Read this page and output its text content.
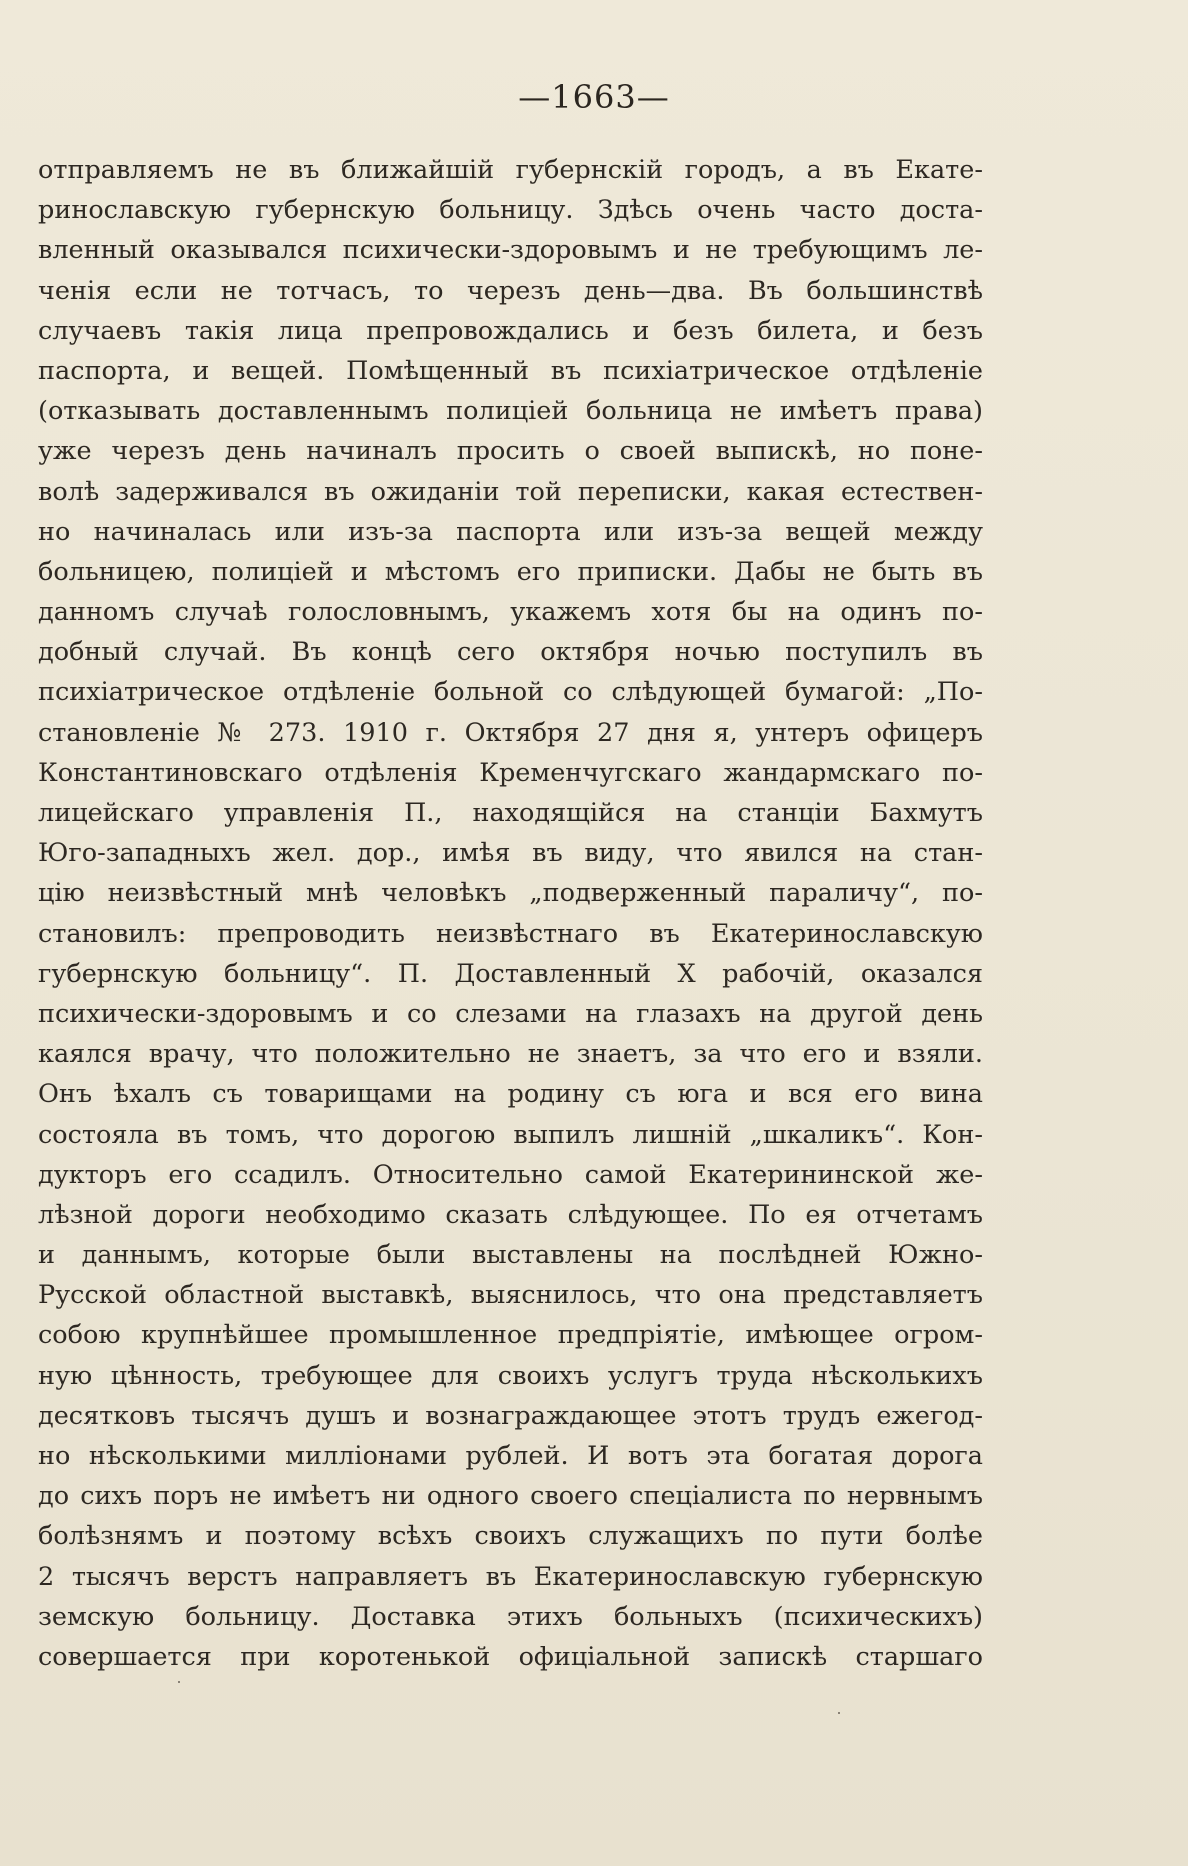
—1663—
отправляемъ не въ ближайшій губернскій городъ, а въ Екате-
ринославскую губернскую больницу. Здѣсь очень часто доста-
вленный оказывался психически-здоровымъ и не требующимъ ле-
ченія если не тотчасъ, то черезъ день—два. Въ большинствѣ
случаевъ такія лица препровождались и безъ билета, и безъ
паспорта, и вещей. Помѣщенный въ психіатрическое отдѣленіе
(отказывать доставленнымъ полиціей больница не имѣетъ права)
уже черезъ день начиналъ просить о своей выпискѣ, но поне-
волѣ задерживался въ ожиданіи той переписки, какая естествен-
но начиналась или изъ-за паспорта или изъ-за вещей между
больницею, полиціей и мѣстомъ его приписки. Дабы не быть въ
данномъ случаѣ голословнымъ, укажемъ хотя бы на одинъ по-
добный случай. Въ концѣ сего октября ночью поступилъ въ
психіатрическое отдѣленіе больной со слѣдующей бумагой: „По-
становленіе № 273. 1910 г. Октября 27 дня я, унтеръ офицеръ
Константиновскаго отдѣленія Кременчугскаго жандармскаго по-
лицейскаго управленія П., находящійся на станціи Бахмутъ
Юго-западныхъ жел. дор., имѣя въ виду, что явился на стан-
цію неизвѣстный мнѣ человѣкъ „подверженный параличу“, по-
становилъ: препроводить неизвѣстнаго въ Екатеринославскую
губернскую больницу“. П. Доставленный Х рабочій, оказался
психически-здоровымъ и со слезами на глазахъ на другой день
каялся врачу, что положительно не знаетъ, за что его и взяли.
Онъ ѣхалъ съ товарищами на родину съ юга и вся его вина
состояла въ томъ, что дорогою выпилъ лишній „шкаликъ“. Кон-
дукторъ его ссадилъ. Относительно самой Екатерининской же-
лѣзной дороги необходимо сказать слѣдующее. По ея отчетамъ
и даннымъ, которые были выставлены на послѣдней Южно-
Русской областной выставкѣ, выяснилось, что она представляетъ
собою крупнѣйшее промышленное предпріятіе, имѣющее огром-
ную цѣнность, требующее для своихъ услугъ труда нѣсколькихъ
десятковъ тысячъ душъ и вознаграждающее этотъ трудъ ежегод-
но нѣсколькими милліонами рублей. И вотъ эта богатая дорога
до сихъ поръ не имѣетъ ни одного своего спеціалиста по нервнымъ
болѣзнямъ и поэтому всѣхъ своихъ служащихъ по пути болѣе
2 тысячъ верстъ направляетъ въ Екатеринославскую губернскую
земскую больницу. Доставка этихъ больныхъ (психическихъ)
совершается при коротенькой офиціальной запискѣ старшаго
